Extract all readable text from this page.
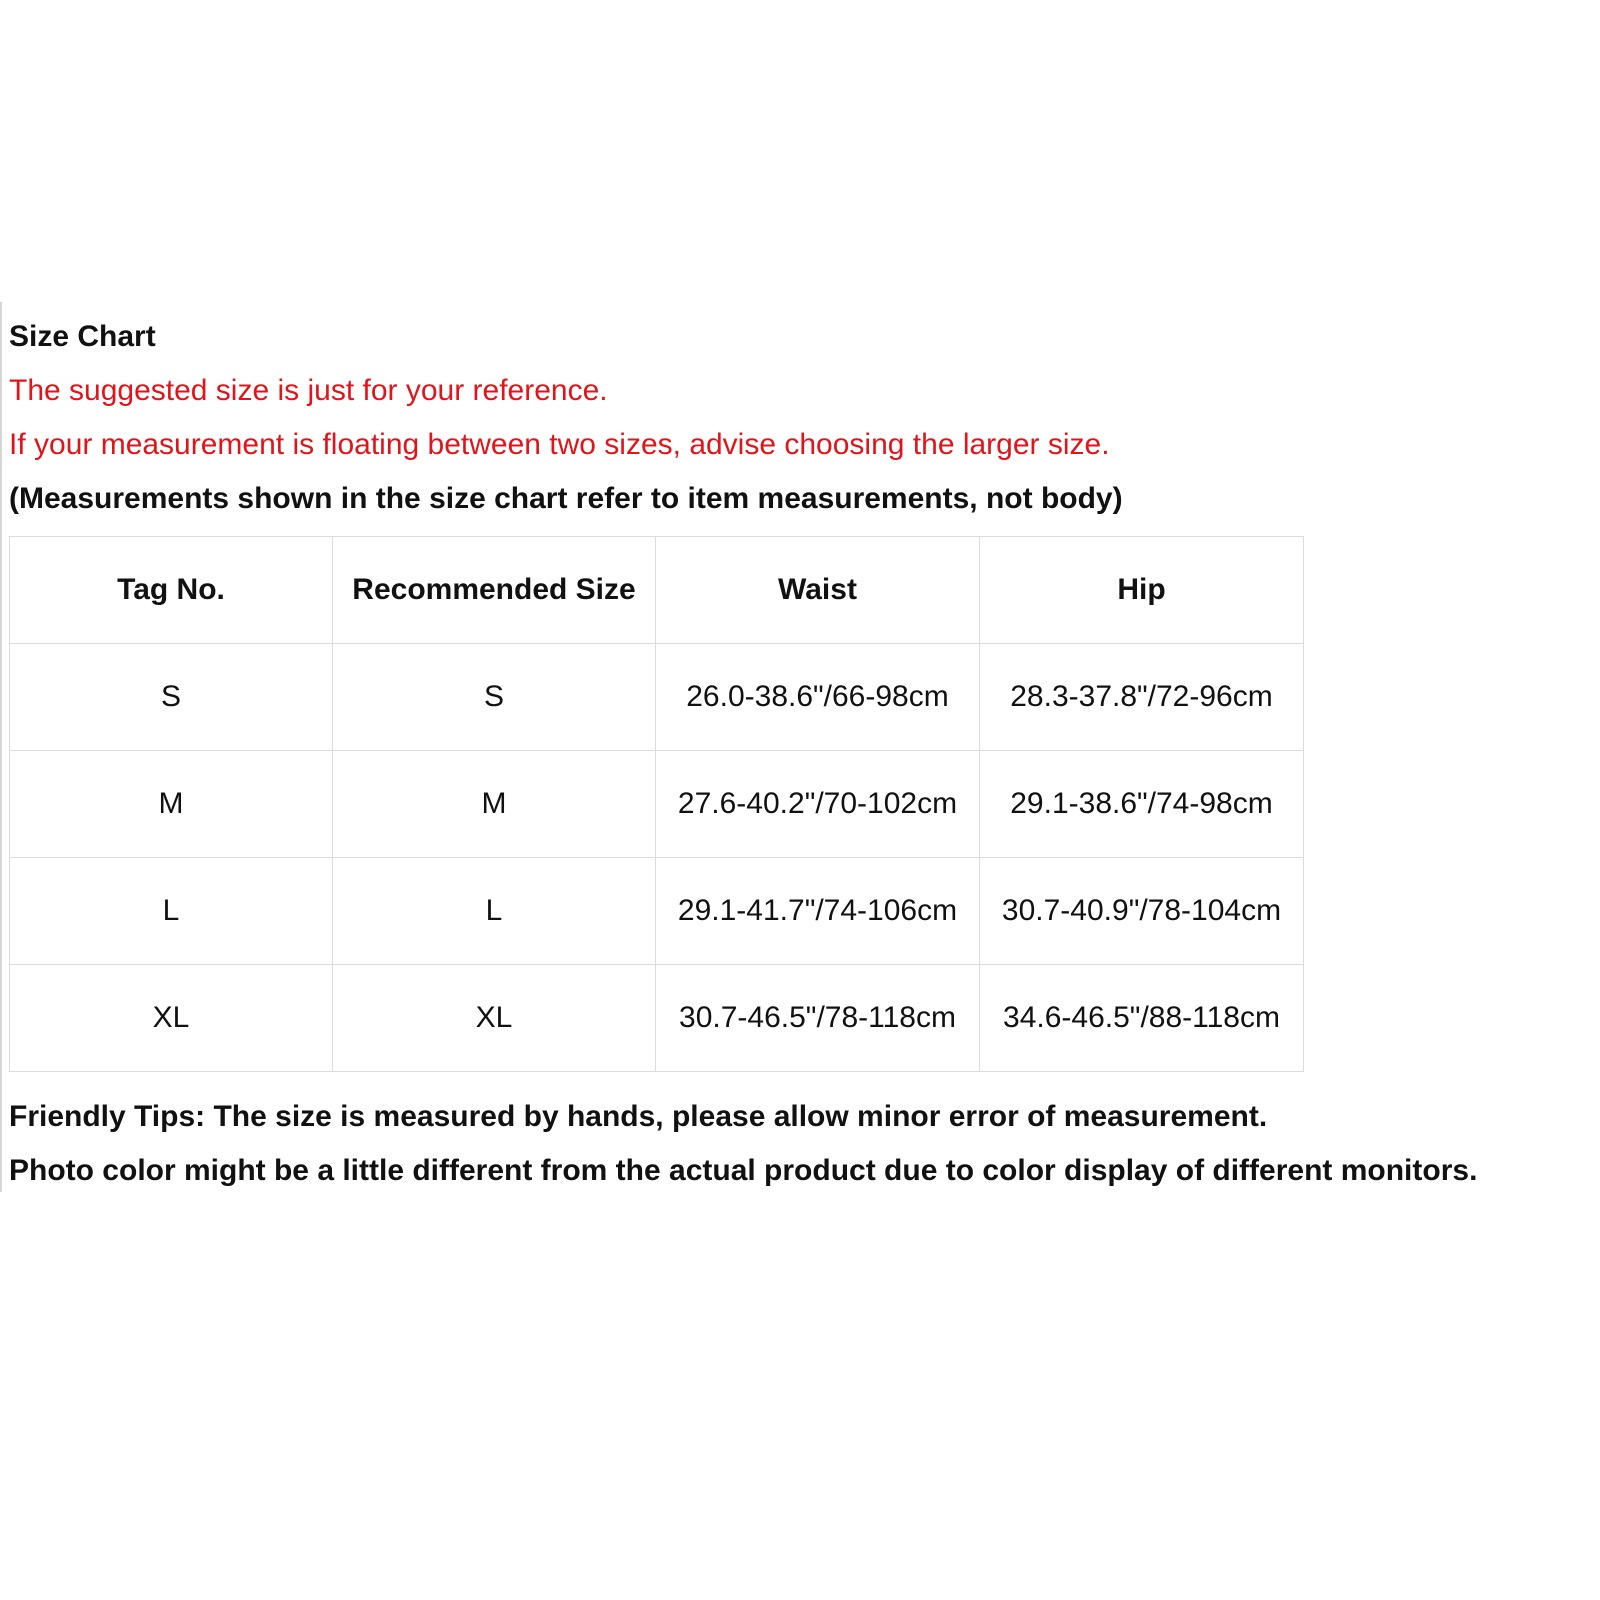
Size Chart

The suggested size is just for your reference.

If your measurement is floating between two sizes, advise choosing the larger size.

(Measurements shown in the size chart refer to item measurements, not body)

Tag No.	Recommended Size	Waist	Hip
S	S	26.0-38.6"/66-98cm	28.3-37.8"/72-96cm
M	M	27.6-40.2"/70-102cm	29.1-38.6"/74-98cm
L	L	29.1-41.7"/74-106cm	30.7-40.9"/78-104cm
XL	XL	30.7-46.5"/78-118cm	34.6-46.5"/88-118cm

Friendly Tips: The size is measured by hands, please allow minor error of measurement.

Photo color might be a little different from the actual product due to color display of different monitors.
